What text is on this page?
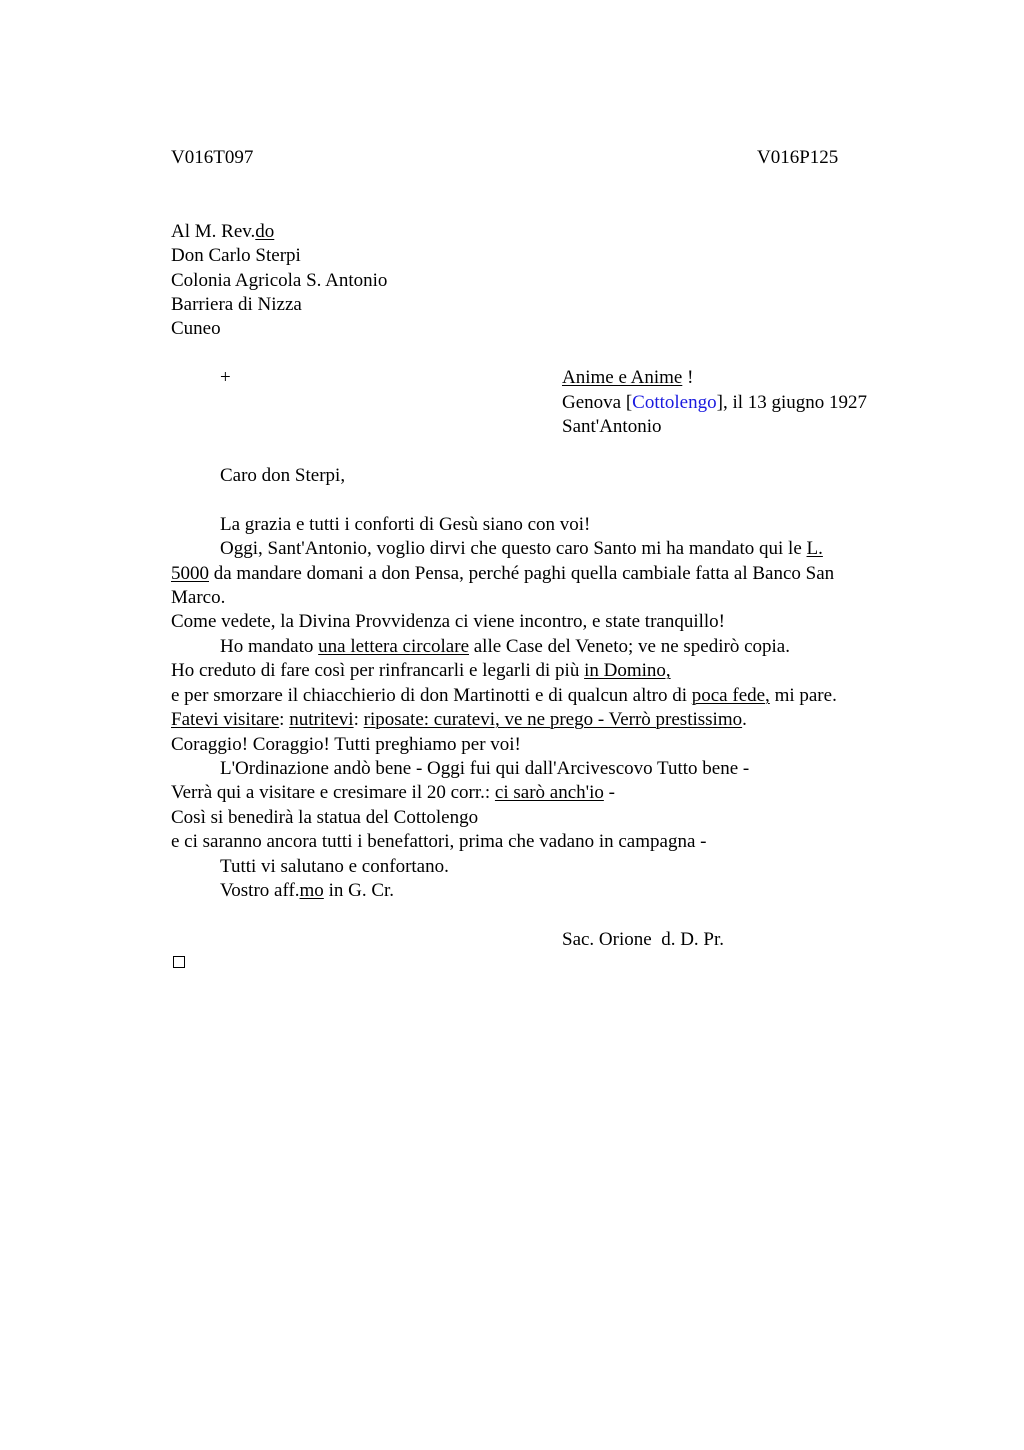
V016T097	V016P125
Al M. Rev.do
Don Carlo Sterpi
Colonia Agricola S. Antonio
Barriera di Nizza
Cuneo
+	Anime e Anime !
Genova [Cottolengo], il 13 giugno 1927
Sant'Antonio
Caro don Sterpi,
La grazia e tutti i conforti di Gesù siano con voi!
Oggi, Sant'Antonio, voglio dirvi che questo caro Santo mi ha mandato qui le L.
5000 da mandare domani a don Pensa, perché paghi quella cambiale fatta al Banco San
Marco.
Come vedete, la Divina Provvidenza ci viene incontro, e state tranquillo!
Ho mandato una lettera circolare alle Case del Veneto; ve ne spedirò copia.
Ho creduto di fare così per rinfrancarli e legarli di più in Domino,
e per smorzare il chiacchierio di don Martinotti e di qualcun altro di poca fede, mi pare.
Fatevi visitare: nutritevi: riposate: curatevi, ve ne prego - Verrò prestissimo.
Coraggio! Coraggio! Tutti preghiamo per voi!
L'Ordinazione andò bene - Oggi fui qui dall'Arcivescovo Tutto bene -
Verrà qui a visitare e cresimare il 20 corr.: ci sarò anch'io -
Così si benedirà la statua del Cottolengo
e ci saranno ancora tutti i benefattori, prima che vadano in campagna -
Tutti vi salutano e confortano.
Vostro aff.mo in G. Cr.
Sac. Orione  d. D. Pr.
